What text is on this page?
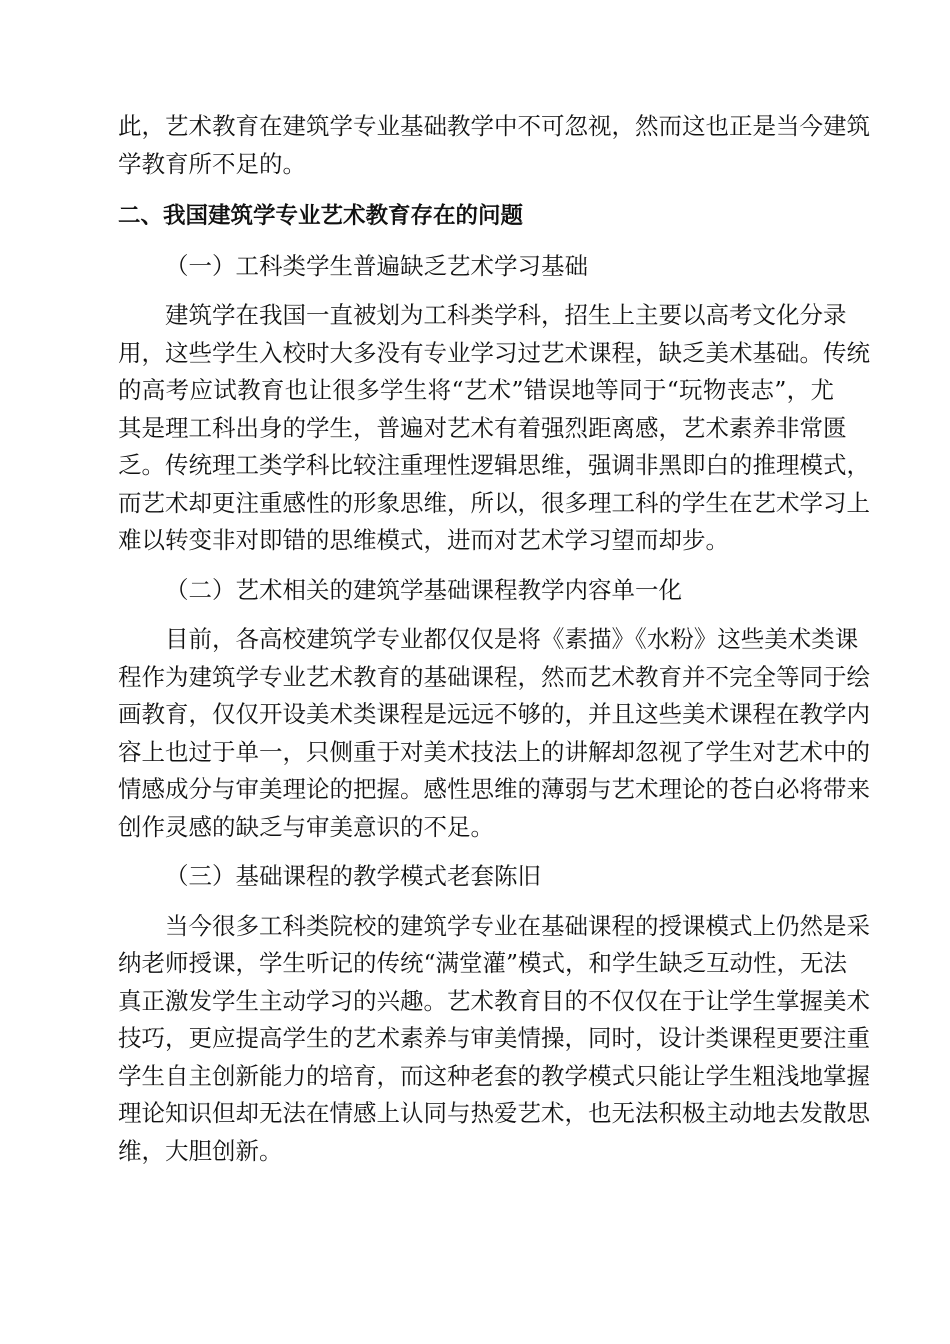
此，艺术教育在建筑学专业基础教学中不可忽视，然而这也正是当今建筑
学教育所不足的。
二、我国建筑学专业艺术教育存在的问题
（一）工科类学生普遍缺乏艺术学习基础
建筑学在我国一直被划为工科类学科，招生上主要以高考文化分录
用，这些学生入校时大多没有专业学习过艺术课程，缺乏美术基础。传统
的高考应试教育也让很多学生将“艺术”错误地等同于“玩物丧志”，尤
其是理工科出身的学生，普遍对艺术有着强烈距离感，艺术素养非常匮
乏。传统理工类学科比较注重理性逻辑思维，强调非黑即白的推理模式，
而艺术却更注重感性的形象思维，所以，很多理工科的学生在艺术学习上
难以转变非对即错的思维模式，进而对艺术学习望而却步。
（二）艺术相关的建筑学基础课程教学内容单一化
目前，各高校建筑学专业都仅仅是将《素描》《水粉》这些美术类课
程作为建筑学专业艺术教育的基础课程，然而艺术教育并不完全等同于绘
画教育，仅仅开设美术类课程是远远不够的，并且这些美术课程在教学内
容上也过于单一，只侧重于对美术技法上的讲解却忽视了学生对艺术中的
情感成分与审美理论的把握。感性思维的薄弱与艺术理论的苍白必将带来
创作灵感的缺乏与审美意识的不足。
（三）基础课程的教学模式老套陈旧
当今很多工科类院校的建筑学专业在基础课程的授课模式上仍然是采
纳老师授课，学生听记的传统“满堂灌”模式，和学生缺乏互动性，无法
真正激发学生主动学习的兴趣。艺术教育目的不仅仅在于让学生掌握美术
技巧，更应提高学生的艺术素养与审美情操，同时，设计类课程更要注重
学生自主创新能力的培育，而这种老套的教学模式只能让学生粗浅地掌握
理论知识但却无法在情感上认同与热爱艺术，也无法积极主动地去发散思
维，大胆创新。
